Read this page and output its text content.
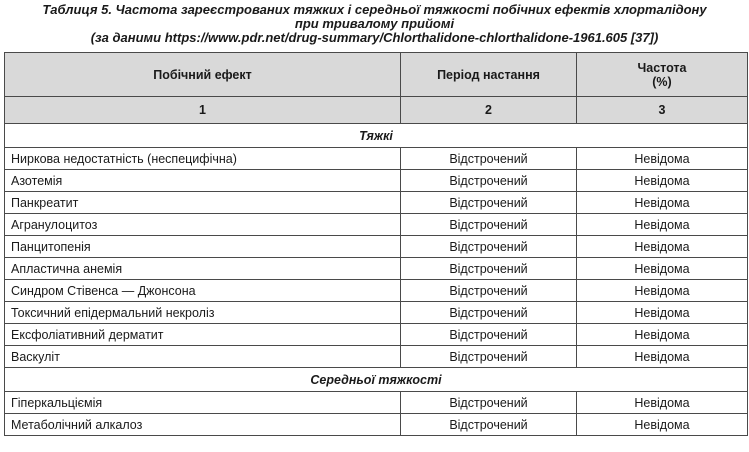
Таблиця 5. Частота зареєстрованих тяжких і середньої тяжкості побічних ефектів хлорталідону
при тривалому прийомі
(за даними https://www.pdr.net/drug-summary/Chlorthalidone-chlorthalidone-1961.605 [37])
Побічний ефект	Період настання	Частота
(%)

1	2	3
Тяжкі		
Ниркова недостатність (неспецифічна)	Відстрочений	Невідома
Азотемія	Відстрочений	Невідома
Панкреатит	Відстрочений	Невідома
Агранулоцитоз	Відстрочений	Невідома
Панцитопенія	Відстрочений	Невідома
Апластична анемія	Відстрочений	Невідома
Синдром Стівенса — Джонсона	Відстрочений	Невідома
Токсичний епідермальний некроліз	Відстрочений	Невідома
Ексфоліативний дерматит	Відстрочений	Невідома
Васкуліт	Відстрочений	Невідома
Середньої тяжкості		
Гіперкальціємія	Відстрочений	Невідома
Метаболічний алкалоз	Відстрочений	Невідома
